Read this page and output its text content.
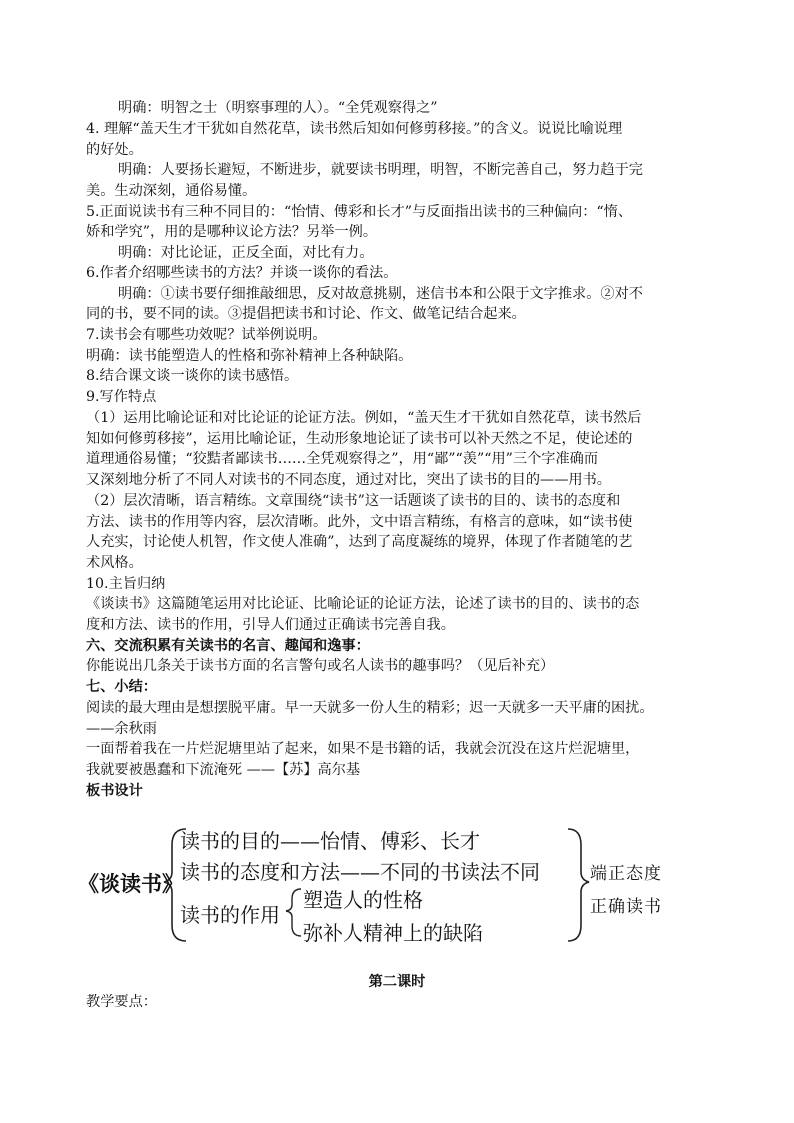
明确：明智之士（明察事理的人）。“全凭观察得之”
4. 理解“盖天生才干犹如自然花草，读书然后知如何修剪移接。”的含义。说说比喻说理
的好处。
明确：人要扬长避短，不断进步，就要读书明理，明智，不断完善自己，努力趋于完
美。生动深刻，通俗易懂。
5.正面说读书有三种不同目的：“怡情、傅彩和长才”与反面指出读书的三种偏向：“惰、
娇和学究”，用的是哪种议论方法？另举一例。
明确：对比论证，正反全面，对比有力。
6.作者介绍哪些读书的方法？并谈一谈你的看法。
明确：①读书要仔细推敲细思，反对故意挑剔，迷信书本和公限于文字推求。②对不
同的书，要不同的读。③提倡把读书和讨论、作文、做笔记结合起来。
7.读书会有哪些功效呢？试举例说明。
明确：读书能塑造人的性格和弥补精神上各种缺陷。
8.结合课文谈一谈你的读书感悟。
9.写作特点
（1）运用比喻论证和对比论证的论证方法。例如，“盖天生才干犹如自然花草，读书然后
知如何修剪移接”，运用比喻论证，生动形象地论证了读书可以补天然之不足，使论述的
道理通俗易懂；“狡黠者鄙读书……全凭观察得之”，用“鄙”“羡”“用”三个字准确而
又深刻地分析了不同人对读书的不同态度，通过对比，突出了读书的目的——用书。
（2）层次清晰，语言精练。文章围绕“读书”这一话题谈了读书的目的、读书的态度和
方法、读书的作用等内容，层次清晰。此外，文中语言精练，有格言的意味，如“读书使
人充实，讨论使人机智，作文使人准确”，达到了高度凝练的境界，体现了作者随笔的艺
术风格。
10.主旨归纳
《谈读书》这篇随笔运用对比论证、比喻论证的论证方法，论述了读书的目的、读书的态
度和方法、读书的作用，引导人们通过正确读书完善自我。
六、交流积累有关读书的名言、趣闻和逸事：
你能说出几条关于读书方面的名言警句或名人读书的趣事吗？（见后补充）
七、小结：
阅读的最大理由是想摆脱平庸。早一天就多一份人生的精彩；迟一天就多一天平庸的困扰。
——余秋雨
一面帮着我在一片烂泥塘里站了起来，如果不是书籍的话，我就会沉没在这片烂泥塘里，
我就要被愚蠢和下流淹死 ——【苏】高尔基
板书设计
《谈读书》
读书的目的——怡情、傅彩、长才
读书的态度和方法——不同的书读法不同
读书的作用
塑造人的性格
弥补人精神上的缺陷
端正态度
正确读书
第二课时
教学要点：
